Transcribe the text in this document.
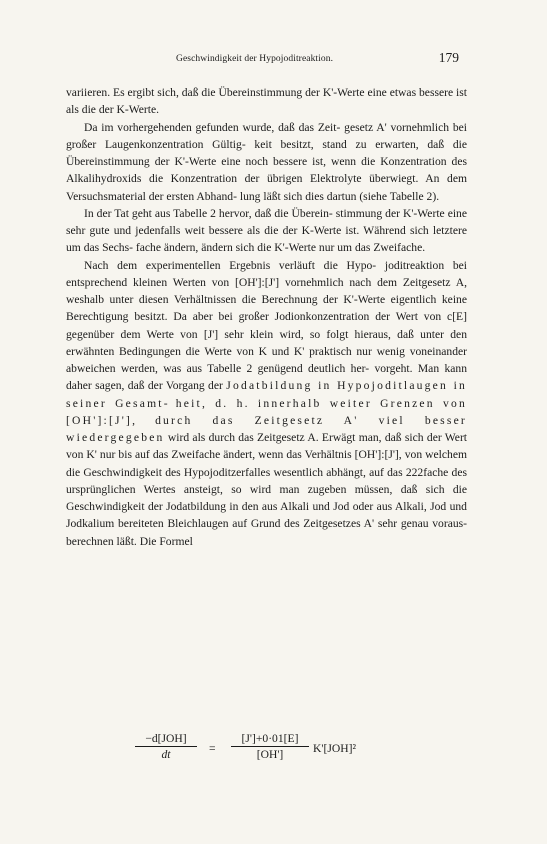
Geschwindigkeit der Hypojoditreaktion.	179

variieren. Es ergibt sich, daß die Übereinstimmung der K'-Werte eine etwas bessere ist als die der K-Werte.

Da im vorhergehenden gefunden wurde, daß das Zeit- gesetz A' vornehmlich bei großer Laugenkonzentration Gültig- keit besitzt, stand zu erwarten, daß die Übereinstimmung der K'-Werte eine noch bessere ist, wenn die Konzentration des Alkalihydroxids die Konzentration der übrigen Elektrolyte überwiegt. An dem Versuchsmaterial der ersten Abhand- lung läßt sich dies dartun (siehe Tabelle 2).

In der Tat geht aus Tabelle 2 hervor, daß die Überein- stimmung der K'-Werte eine sehr gute und jedenfalls weit bessere als die der K-Werte ist. Während sich letztere um das Sechs- fache ändern, ändern sich die K'-Werte nur um das Zweifache.

Nach dem experimentellen Ergebnis verläuft die Hypo- joditreaktion bei entsprechend kleinen Werten von [OH']:[J'] vornehmlich nach dem Zeitgesetz A, weshalb unter diesen Verhältnissen die Berechnung der K'-Werte eigentlich keine Berechtigung besitzt. Da aber bei großer Jodionkonzentration der Wert von c[E] gegenüber dem Werte von [J'] sehr klein wird, so folgt hieraus, daß unter den erwähnten Bedingungen die Werte von K und K' praktisch nur wenig voneinander abweichen werden, was aus Tabelle 2 genügend deutlich her- vorgeht. Man kann daher sagen, daß der Vorgang der Jodatbildung in Hypojoditlaugen in seiner Gesamt- heit, d. h. innerhalb weiter Grenzen von [OH']:[J'], durch das Zeitgesetz A' viel besser wiedergegeben wird als durch das Zeitgesetz A. Erwägt man, daß sich der Wert von K' nur bis auf das Zweifache ändert, wenn das Verhältnis [OH']:[J'], von welchem die Geschwindigkeit des Hypojoditzerfalles wesentlich abhängt, auf das 222fache des ursprünglichen Wertes ansteigt, so wird man zugeben müssen, daß sich die Geschwindigkeit der Jodatbildung in den aus Alkali und Jod oder aus Alkali, Jod und Jodkalium bereiteten Bleichlaugen auf Grund des Zeitgesetzes A' sehr genau voraus- berechnen läßt. Die Formel

−d[JOH]
dt	= $\frac{[J']+0\cdot 01[E]}{[OH']} K'[JOH]^2$
